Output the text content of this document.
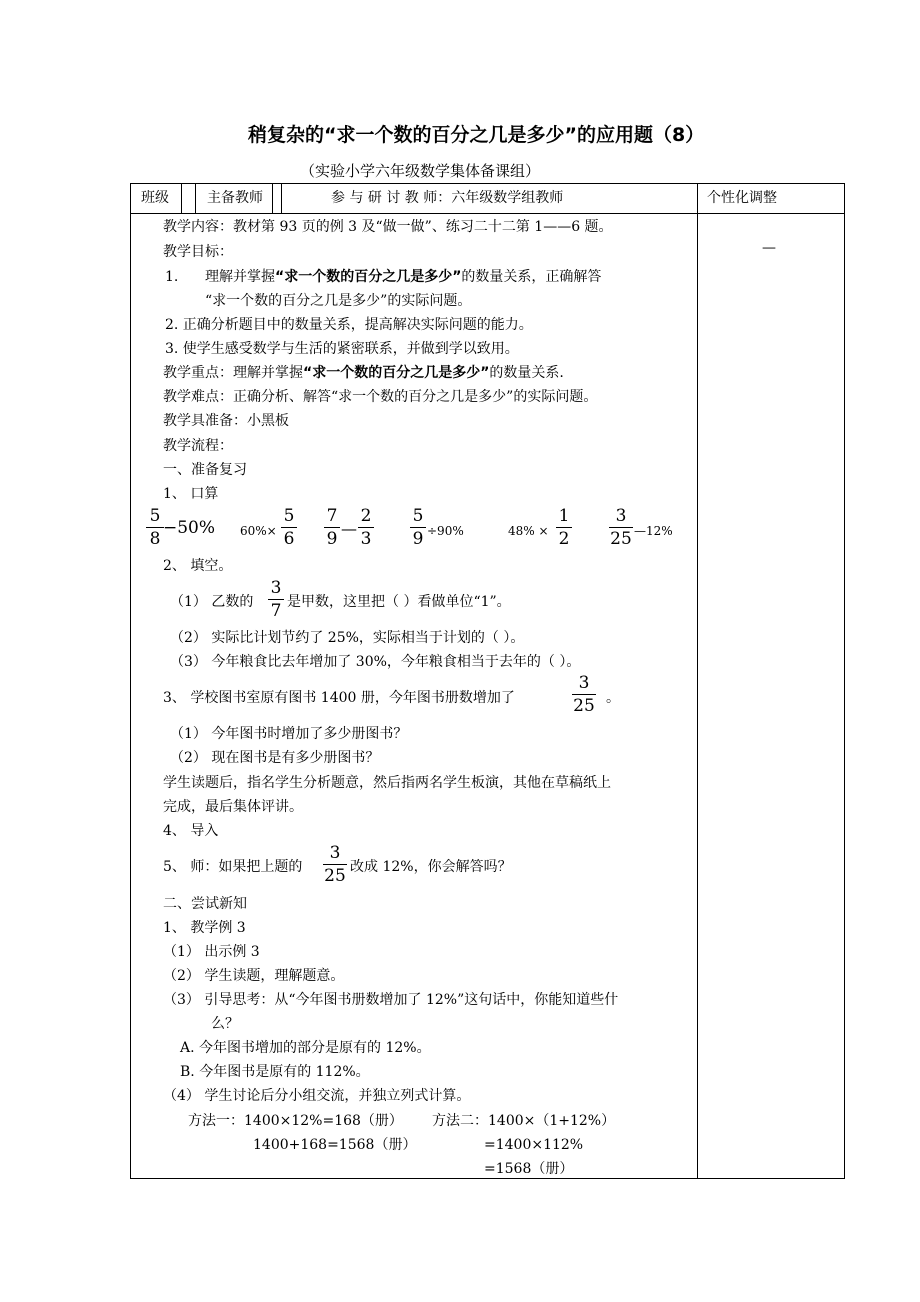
稍复杂的“求一个数的百分之几是多少”的应用题（8）
（实验小学六年级数学集体备课组）
班级	主备教师	参 与 研 讨 教 师：六年级数学组教师	个性化调整
—
教学内容：教材第 93 页的例 3 及“做一做”、练习二十二第 1——6 题。
教学目标：
1. 理解并掌握“求一个数的百分之几是多少”的数量关系，正确解答
“求一个数的百分之几是多少”的实际问题。
2. 正确分析题目中的数量关系，提高解决实际问题的能力。
3. 使学生感受数学与生活的紧密联系，并做到学以致用。
教学重点：理解并掌握“求一个数的百分之几是多少”的数量关系.
教学难点：正确分析、解答“求一个数的百分之几是多少”的实际问题。
教学具准备：小黑板
教学流程：
一、准备复习
1、 口算
5
8
−50% 60%×
5
6
7
9
—
2
3
5
9 ÷90%	48% ×
1
2
3
25 —12%
2、 填空。
（1） 乙数的
3
7 是甲数，这里把（ ）看做单位“1”。
（2） 实际比计划节约了 25%，实际相当于计划的（ ）。
（3） 今年粮食比去年增加了 30%，今年粮食相当于去年的（ ）。
3、 学校图书室原有图书 1400 册，今年图书册数增加了
3
25 。
（1） 今年图书时增加了多少册图书？
（2） 现在图书是有多少册图书？
学生读题后，指名学生分析题意，然后指两名学生板演，其他在草稿纸上
完成，最后集体评讲。
4、 导入
5、 师：如果把上题的
3
25 改成 12%，你会解答吗？
二、尝试新知
1、 教学例 3
（1） 出示例 3
（2） 学生读题，理解题意。
（3） 引导思考：从“今年图书册数增加了 12%”这句话中，你能知道些什
么？
A. 今年图书增加的部分是原有的 12%。
B. 今年图书是原有的 112%。
（4） 学生讨论后分小组交流，并独立列式计算。
方法一：1400×12%=168（册）
1400+168=1568（册）
方法二：1400×（1+12%）
=1400×112%
=1568（册）
